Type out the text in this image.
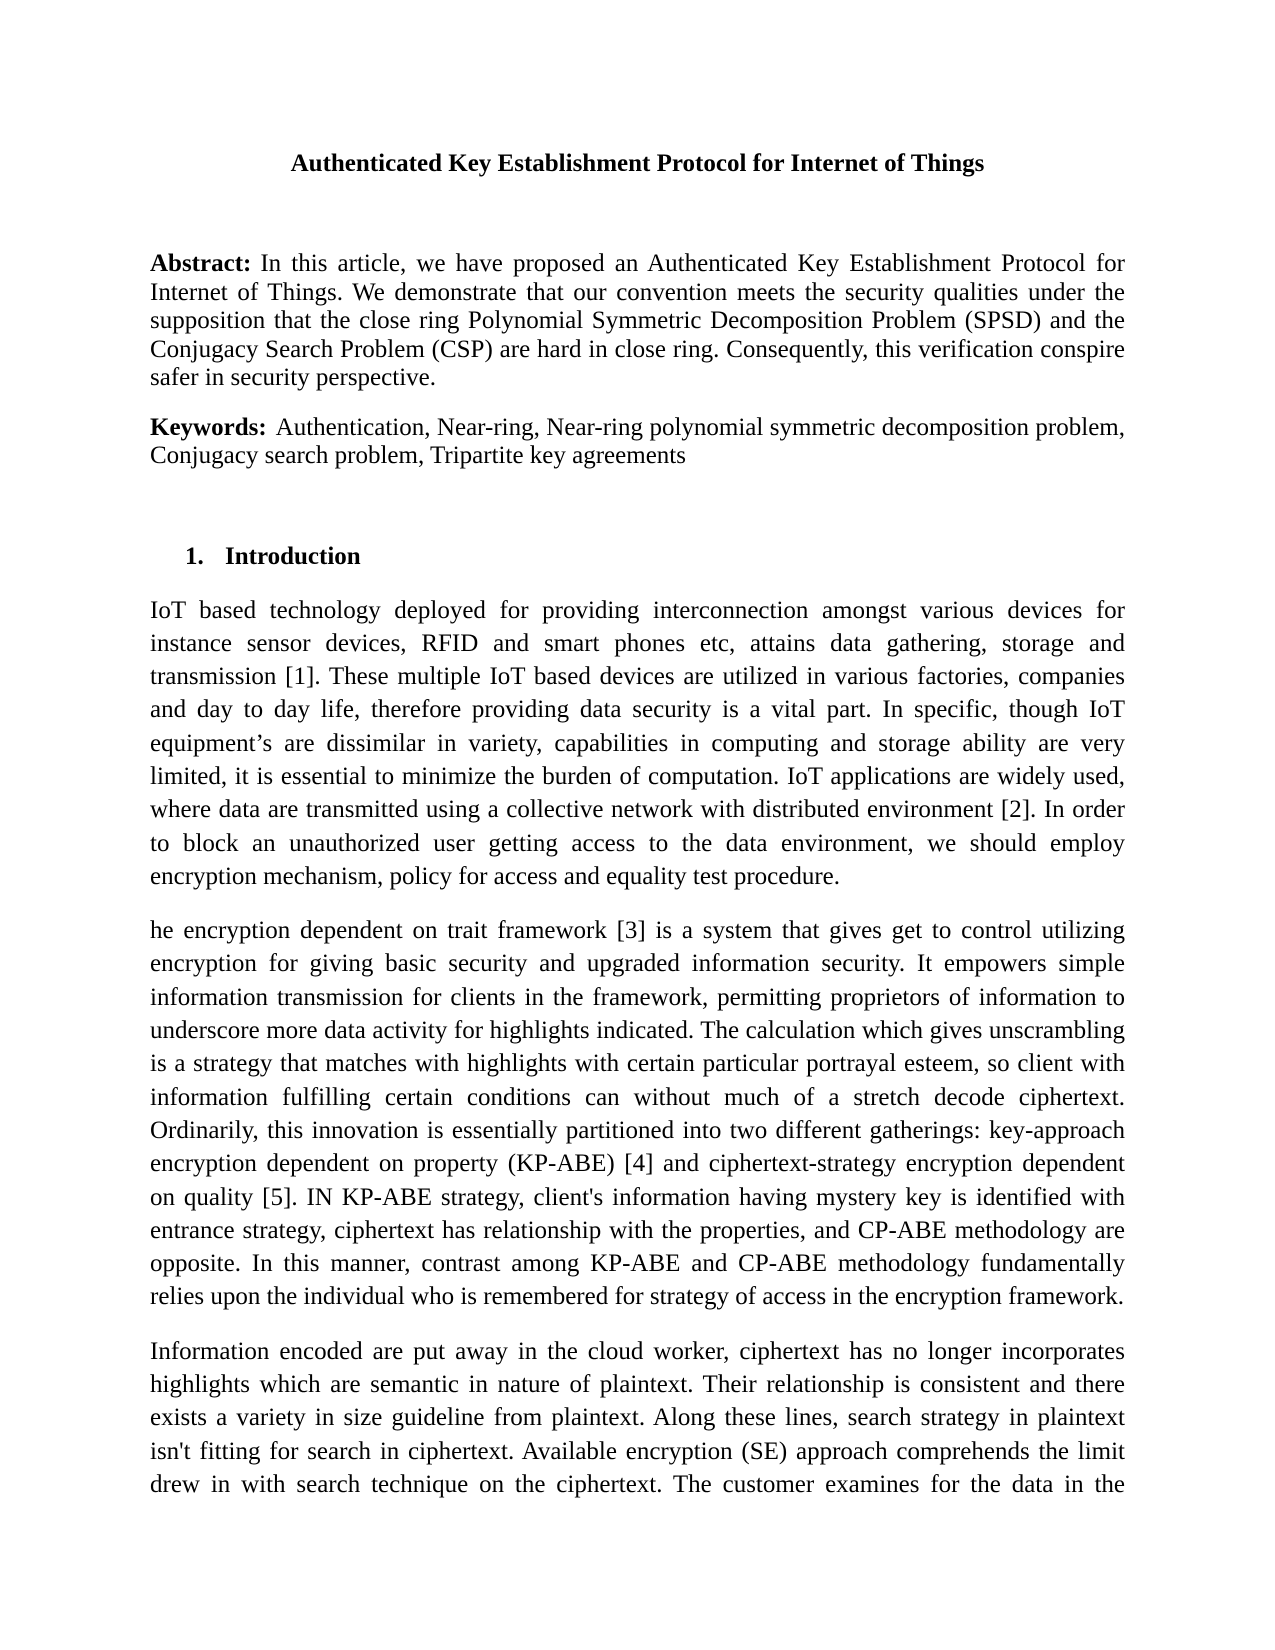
Authenticated Key Establishment Protocol for Internet of Things
Abstract: In this article, we have proposed an Authenticated Key Establishment Protocol for
Internet of Things. We demonstrate that our convention meets the security qualities under the
supposition that the close ring Polynomial Symmetric Decomposition Problem (SPSD) and the
Conjugacy Search Problem (CSP) are hard in close ring. Consequently, this verification conspire
safer in security perspective.
Keywords: Authentication, Near-ring, Near-ring polynomial symmetric decomposition problem,
Conjugacy search problem, Tripartite key agreements
1. Introduction
IoT based technology deployed for providing interconnection amongst various devices for
instance sensor devices, RFID and smart phones etc, attains data gathering, storage and
transmission [1]. These multiple IoT based devices are utilized in various factories, companies
and day to day life, therefore providing data security is a vital part. In specific, though IoT
equipment’s are dissimilar in variety, capabilities in computing and storage ability are very
limited, it is essential to minimize the burden of computation. IoT applications are widely used,
where data are transmitted using a collective network with distributed environment [2]. In order
to block an unauthorized user getting access to the data environment, we should employ
encryption mechanism, policy for access and equality test procedure.
he encryption dependent on trait framework [3] is a system that gives get to control utilizing
encryption for giving basic security and upgraded information security. It empowers simple
information transmission for clients in the framework, permitting proprietors of information to
underscore more data activity for highlights indicated. The calculation which gives unscrambling
is a strategy that matches with highlights with certain particular portrayal esteem, so client with
information fulfilling certain conditions can without much of a stretch decode ciphertext.
Ordinarily, this innovation is essentially partitioned into two different gatherings: key-approach
encryption dependent on property (KP-ABE) [4] and ciphertext-strategy encryption dependent
on quality [5]. IN KP-ABE strategy, client's information having mystery key is identified with
entrance strategy, ciphertext has relationship with the properties, and CP-ABE methodology are
opposite. In this manner, contrast among KP-ABE and CP-ABE methodology fundamentally
relies upon the individual who is remembered for strategy of access in the encryption framework.
Information encoded are put away in the cloud worker, ciphertext has no longer incorporates
highlights which are semantic in nature of plaintext. Their relationship is consistent and there
exists a variety in size guideline from plaintext. Along these lines, search strategy in plaintext
isn't fitting for search in ciphertext. Available encryption (SE) approach comprehends the limit
drew in with search technique on the ciphertext. The customer examines for the data in the
